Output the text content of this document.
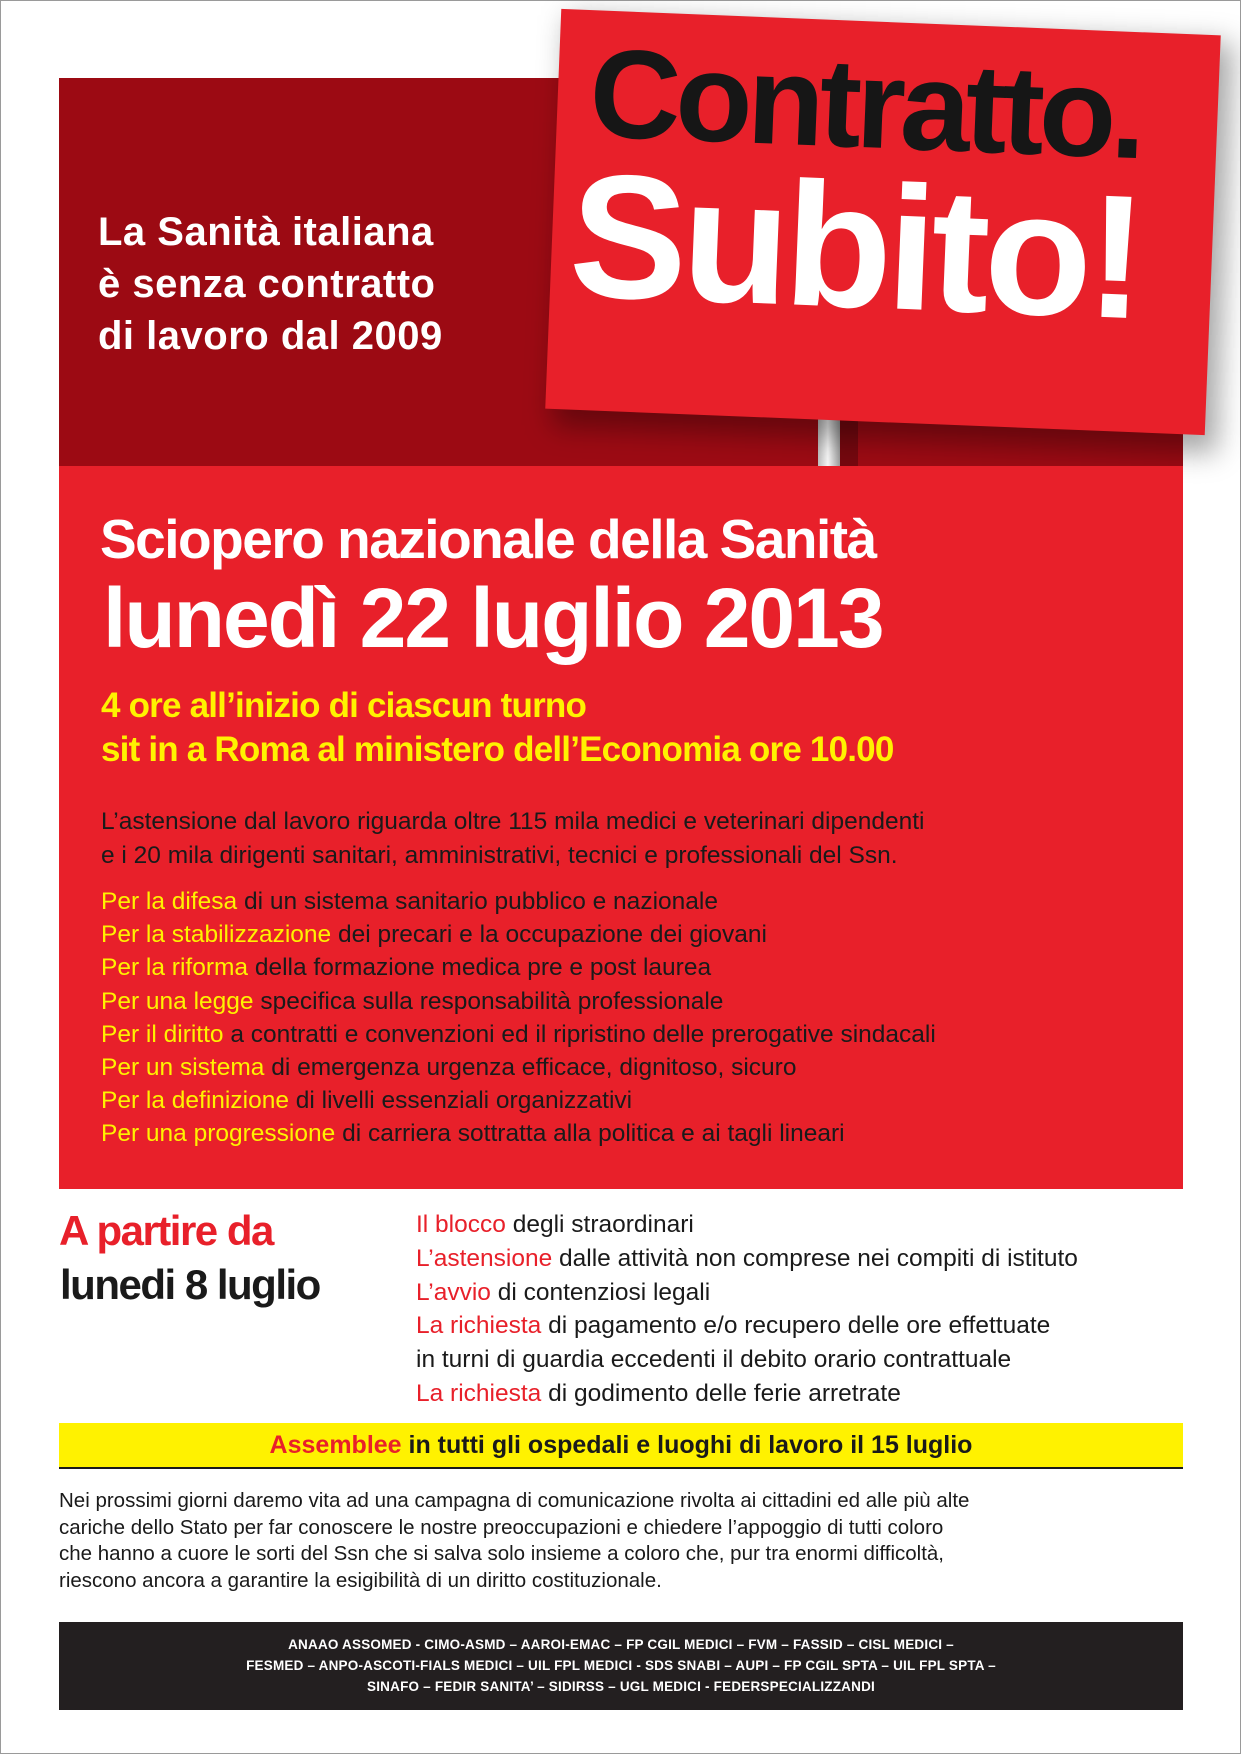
La Sanità italiana
è senza contratto
di lavoro dal 2009
Contratto.
Subito!
Sciopero nazionale della Sanità
lunedì 22 luglio 2013
4 ore all’inizio di ciascun turno
sit in a Roma al ministero dell’Economia ore 10.00
L’astensione dal lavoro riguarda oltre 115 mila medici e veterinari dipendenti
e i 20 mila dirigenti sanitari, amministrativi, tecnici e professionali del Ssn.
Per la difesa di un sistema sanitario pubblico e nazionale
Per la stabilizzazione dei precari e la occupazione dei giovani
Per la riforma della formazione medica pre e post laurea
Per una legge specifica sulla responsabilità professionale
Per il diritto a contratti e convenzioni ed il ripristino delle prerogative sindacali
Per un sistema di emergenza urgenza efficace, dignitoso, sicuro
Per la definizione di livelli essenziali organizzativi
Per una progressione di carriera sottratta alla politica e ai tagli lineari
A partire da
lunedi 8 luglio
Il blocco degli straordinari
L’astensione dalle attività non comprese nei compiti di istituto
L’avvio di contenziosi legali
La richiesta di pagamento e/o recupero delle ore effettuate
in turni di guardia eccedenti il debito orario contrattuale
La richiesta di godimento delle ferie arretrate
Assemblee in tutti gli ospedali e luoghi di lavoro il 15 luglio
Nei prossimi giorni daremo vita ad una campagna di comunicazione rivolta ai cittadini ed alle più alte
cariche dello Stato per far conoscere le nostre preoccupazioni e chiedere l’appoggio di tutti coloro
che hanno a cuore le sorti del Ssn che si salva solo insieme a coloro che, pur tra enormi difficoltà,
riescono ancora a garantire la esigibilità di un diritto costituzionale.
ANAAO ASSOMED - CIMO-ASMD – AAROI-EMAC – FP CGIL MEDICI – FVM – FASSID – CISL MEDICI –
FESMED – ANPO-ASCOTI-FIALS MEDICI – UIL FPL MEDICI - SDS SNABI – AUPI – FP CGIL SPTA – UIL FPL SPTA –
SINAFO – FEDIR SANITA’ – SIDIRSS – UGL MEDICI - FEDERSPECIALIZZANDI
